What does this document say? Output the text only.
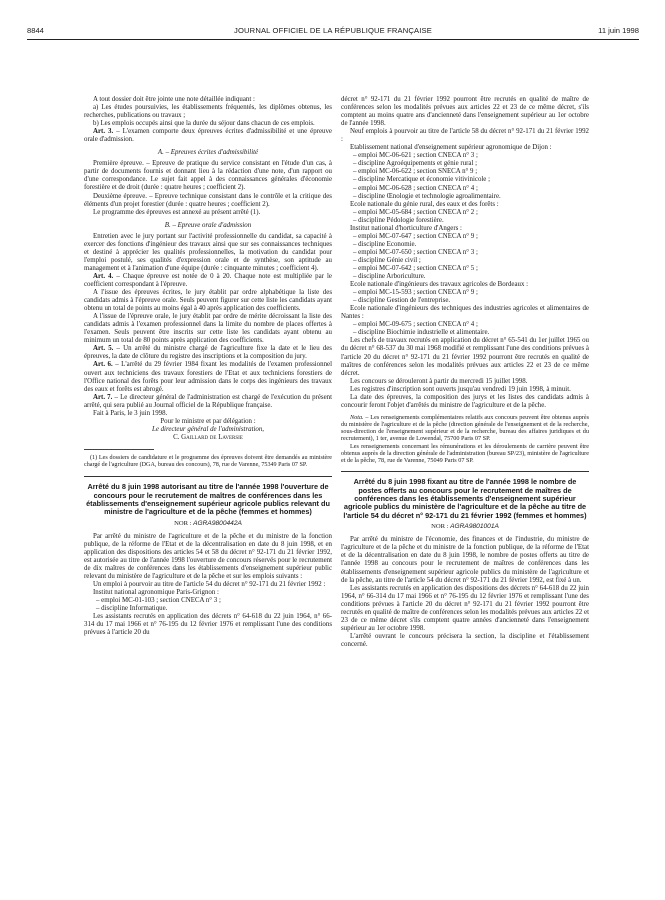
8844	JOURNAL OFFICIEL DE LA RÉPUBLIQUE FRANÇAISE	11 juin 1998

A tout dossier doit être jointe une note détaillée indiquant :

a) Les études poursuivies, les établissements fréquentés, les diplômes obtenus, les recherches, publications ou travaux ;

b) Les emplois occupés ainsi que la durée du séjour dans chacun de ces emplois.

Art. 3. – L'examen comporte deux épreuves écrites d'admissibilité et une épreuve orale d'admission.

A. – Epreuves écrites d'admissibilité

Première épreuve. – Epreuve de pratique du service consistant en l'étude d'un cas, à partir de documents fournis et donnant lieu à la rédaction d'une note, d'un rapport ou d'une correspondance. Le sujet fait appel à des connaissances générales d'économie forestière et de droit (durée : quatre heures ; coefficient 2).

Deuxième épreuve. – Epreuve technique consistant dans le contrôle et la critique des éléments d'un projet forestier (durée : quatre heures ; coefficient 2).

Le programme des épreuves est annexé au présent arrêté (1).

B. – Epreuve orale d'admission

Entretien avec le jury portant sur l'activité professionnelle du candidat, sa capacité à exercer des fonctions d'ingénieur des travaux ainsi que sur ses connaissances techniques et destiné à apprécier les qualités professionnelles, la motivation du candidat pour l'emploi postulé, ses qualités d'expression orale et de synthèse, son aptitude au management et à l'animation d'une équipe (durée : cinquante minutes ; coefficient 4).

Art. 4. – Chaque épreuve est notée de 0 à 20. Chaque note est multipliée par le coefficient correspondant à l'épreuve.

A l'issue des épreuves écrites, le jury établit par ordre alphabétique la liste des candidats admis à l'épreuve orale. Seuls peuvent figurer sur cette liste les candidats ayant obtenu un total de points au moins égal à 40 après application des coefficients.

A l'issue de l'épreuve orale, le jury établit par ordre de mérite décroissant la liste des candidats admis à l'examen professionnel dans la limite du nombre de places offertes à l'examen. Seuls peuvent être inscrits sur cette liste les candidats ayant obtenu au minimum un total de 80 points après application des coefficients.

Art. 5. – Un arrêté du ministre chargé de l'agriculture fixe la date et le lieu des épreuves, la date de clôture du registre des inscriptions et la composition du jury.

Art. 6. – L'arrêté du 29 février 1984 fixant les modalités de l'examen professionnel ouvert aux techniciens des travaux forestiers de l'Etat et aux techniciens forestiers de l'Office national des forêts pour leur admission dans le corps des ingénieurs des travaux des eaux et forêts est abrogé.

Art. 7. – Le directeur général de l'administration est chargé de l'exécution du présent arrêté, qui sera publié au Journal officiel de la République française.

Fait à Paris, le 3 juin 1998.

Pour le ministre et par délégation :
Le directeur général de l'administration,
C. Gaillard de Laversie

(1) Les dossiers de candidature et le programme des épreuves doivent être demandés au ministère chargé de l'agriculture (DGA, bureau des concours), 78, rue de Varenne, 75349 Paris 07 SP.

Arrêté du 8 juin 1998 autorisant au titre de l'année 1998 l'ouverture de concours pour le recrutement de maîtres de conférences dans les établissements d'enseignement supérieur agricole publics relevant du ministre de l'agriculture et de la pêche (femmes et hommes)

NOR : AGRA9800442A

Par arrêté du ministre de l'agriculture et de la pêche et du ministre de la fonction publique, de la réforme de l'Etat et de la décentralisation en date du 8 juin 1998, et en application des dispositions des articles 54 et 58 du décret n° 92-171 du 21 février 1992, est autorisée au titre de l'année 1998 l'ouverture de concours réservés pour le recrutement de dix maîtres de conférences dans les établissements d'enseignement supérieur public relevant du ministère de l'agriculture et de la pêche et sur les emplois suivants :

Un emploi à pourvoir au titre de l'article 54 du décret n° 92-171 du 21 février 1992 :

Institut national agronomique Paris-Grignon :

– emploi MC-01-103 ; section CNECA n° 3 ;

– discipline Informatique.

Les assistants recrutés en application des décrets n° 64-618 du 22 juin 1964, n° 66-314 du 17 mai 1966 et n° 76-195 du 12 février 1976 et remplissant l'une des conditions prévues à l'article 20 du

décret n° 92-171 du 21 février 1992 pourront être recrutés en qualité de maître de conférences selon les modalités prévues aux articles 22 et 23 de ce même décret, s'ils comptent au moins quatre ans d'ancienneté dans l'enseignement supérieur au 1er octobre de l'année 1998.

Neuf emplois à pourvoir au titre de l'article 58 du décret n° 92-171 du 21 février 1992 :

Etablissement national d'enseignement supérieur agronomique de Dijon :

– emploi MC-06-621 ; section CNECA n° 3 ;

– discipline Agroéquipements et génie rural ;

– emploi MC-06-622 ; section SNECA n° 9 ;

– discipline Mercatique et économie vitivinicole ;

– emploi MC-06-628 ; section CNECA n° 4 ;

– discipline Œnologie et technologie agroalimentaire.

Ecole nationale du génie rural, des eaux et des forêts :

– emploi MC-05-684 ; section CNECA n° 2 ;

– discipline Pédologie forestière.

Institut national d'horticulture d'Angers :

– emploi MC-07-647 ; section CNECA n° 9 ;

– discipline Economie.

– emploi MC-07-650 ; section CNECA n° 3 ;

– discipline Génie civil ;

– emploi MC-07-642 ; section CNECA n° 5 ;

– discipline Arboriculture.

Ecole nationale d'ingénieurs des travaux agricoles de Bordeaux :

– emploi MC-15-593 ; section CNECA n° 9 ;

– discipline Gestion de l'entreprise.

Ecole nationale d'ingénieurs des techniques des industries agricoles et alimentaires de Nantes :

– emploi MC-09-675 ; section CNECA n° 4 ;

– discipline Biochimie industrielle et alimentaire.

Les chefs de travaux recrutés en application du décret n° 65-541 du 1er juillet 1965 ou du décret n° 68-537 du 30 mai 1968 modifié et remplissant l'une des conditions prévues à l'article 20 du décret n° 92-171 du 21 février 1992 pourront être recrutés en qualité de maîtres de conférences selon les modalités prévues aux articles 22 et 23 de ce même décret.

Les concours se dérouleront à partir du mercredi 15 juillet 1998.

Les registres d'inscription sont ouverts jusqu'au vendredi 19 juin 1998, à minuit.

La date des épreuves, la composition des jurys et les listes des candidats admis à concourir feront l'objet d'arrêtés du ministre de l'agriculture et de la pêche.

Nota. – Les renseignements complémentaires relatifs aux concours peuvent être obtenus auprès du ministère de l'agriculture et de la pêche (direction générale de l'enseignement et de la recherche, sous-direction de l'enseignement supérieur et de la recherche, bureau des affaires juridiques et du recrutement), 1 ter, avenue de Lowendal, 75700 Paris 07 SP.

Les renseignements concernant les rémunérations et les déroulements de carrière peuvent être obtenus auprès de la direction générale de l'administration (bureau SP/23), ministère de l'agriculture et de la pêche, 78, rue de Varenne, 75049 Paris 07 SP.

Arrêté du 8 juin 1998 fixant au titre de l'année 1998 le nombre de postes offerts au concours pour le recrutement de maîtres de conférences dans les établissements d'enseignement supérieur agricole publics du ministère de l'agriculture et de la pêche au titre de l'article 54 du décret n° 92-171 du 21 février 1992 (femmes et hommes)

NOR : AGRA9801001A

Par arrêté du ministre de l'économie, des finances et de l'industrie, du ministre de l'agriculture et de la pêche et du ministre de la fonction publique, de la réforme de l'Etat et de la décentralisation en date du 8 juin 1998, le nombre de postes offerts au titre de l'année 1998 au concours pour le recrutement de maîtres de conférences dans les établissements d'enseignement supérieur agricole publics du ministère de l'agriculture et de la pêche, au titre de l'article 54 du décret n° 92-171 du 21 février 1992, est fixé à un.

Les assistants recrutés en application des dispositions des décrets n° 64-618 du 22 juin 1964, n° 66-314 du 17 mai 1966 et n° 76-195 du 12 février 1976 et remplissant l'une des conditions prévues à l'article 20 du décret n° 92-171 du 21 février 1992 pourront être recrutés en qualité de maître de conférences selon les modalités prévues aux articles 22 et 23 de ce même décret s'ils comptent quatre années d'ancienneté dans l'enseignement supérieur au 1er octobre 1998.

L'arrêté ouvrant le concours précisera la section, la discipline et l'établissement concerné.
